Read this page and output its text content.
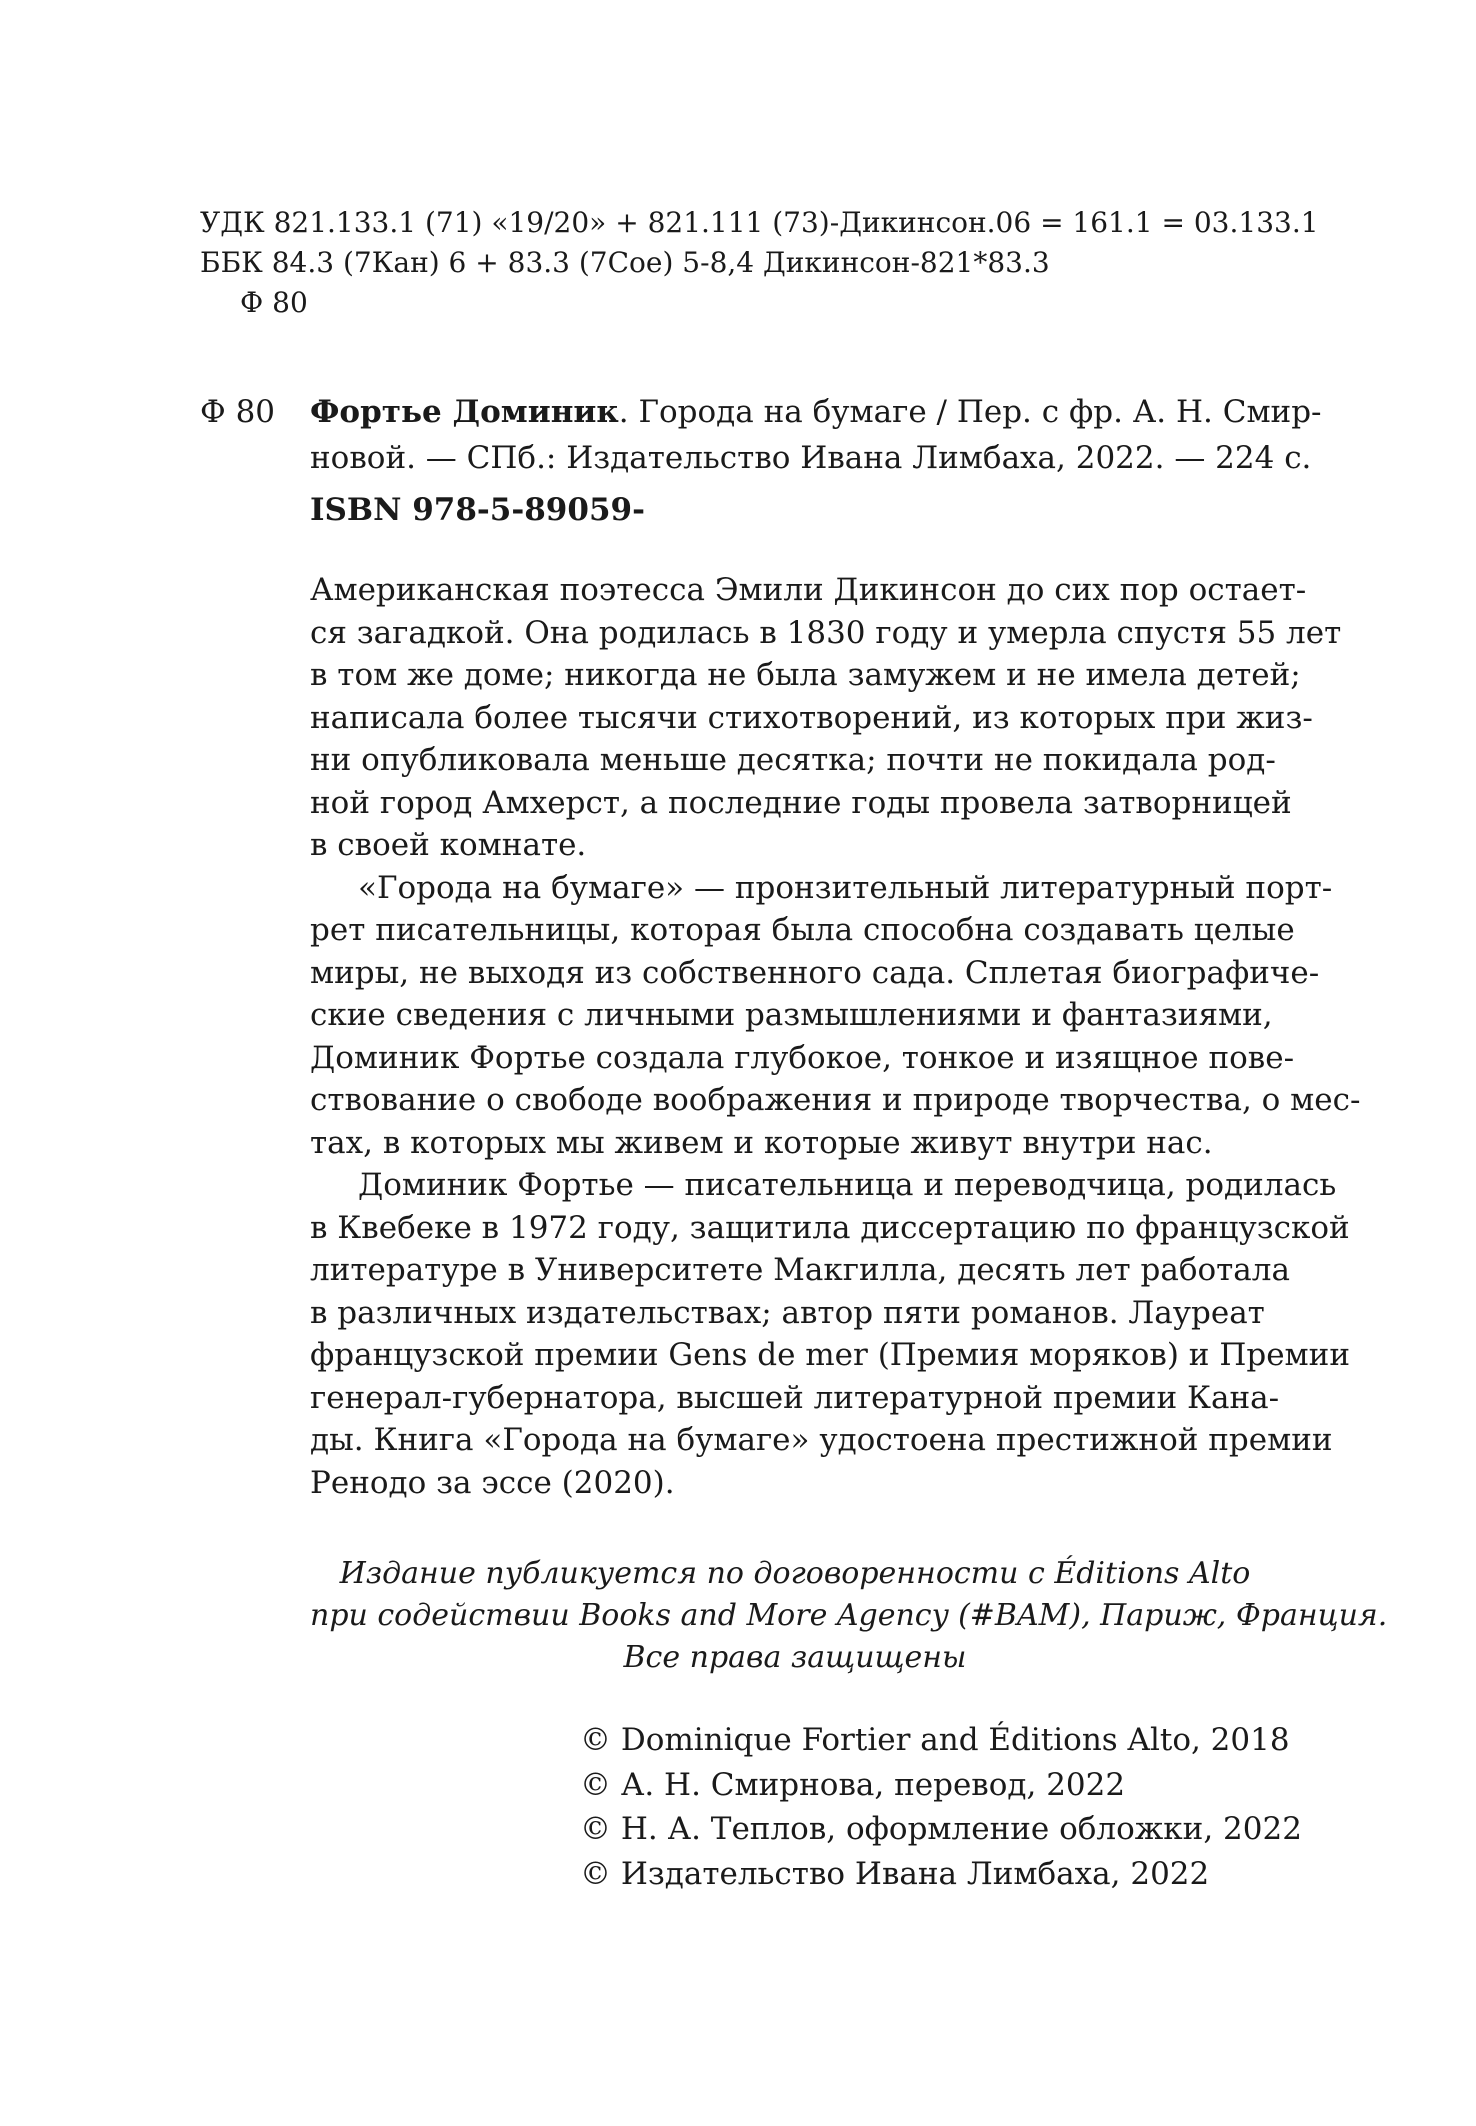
УДК 821.133.1 (71) «19/20» + 821.111 (73)-Дикинсон.06 = 161.1 = 03.133.1
ББК 84.3 (7Кан) 6 + 83.3 (7Сое) 5-8,4 Дикинсон-821*83.3
Ф 80
Ф 80 Фортье Доминик. Города на бумаге / Пер. с фр. А. Н. Смир-
новой. — СПб.: Издательство Ивана Лимбаха, 2022. — 224 с.
ISBN 978-5-89059-
Американская поэтесса Эмили Дикинсон до сих пор остает-
ся загадкой. Она родилась в 1830 году и умерла спустя 55 лет
в том же доме; никогда не была замужем и не имела детей;
написала более тысячи стихотворений, из которых при жиз-
ни опубликовала меньше десятка; почти не покидала род-
ной город Амхерст, а последние годы провела затворницей
в своей комнате.
«Города на бумаге» — пронзительный литературный порт-
рет писательницы, которая была способна создавать целые
миры, не выходя из собственного сада. Сплетая биографиче-
ские сведения с личными размышлениями и фантазиями,
Доминик Фортье создала глубокое, тонкое и изящное пове-
ствование о свободе воображения и природе творчества, о мес-
тах, в которых мы живем и которые живут внутри нас.
Доминик Фортье — писательница и переводчица, родилась
в Квебеке в 1972 году, защитила диссертацию по французской
литературе в Университете Макгилла, десять лет работала
в различных издательствах; автор пяти романов. Лауреат
французской премии Gens de mer (Премия моряков) и Премии
генерал-губернатора, высшей литературной премии Кана-
ды. Книга «Города на бумаге» удостоена престижной премии
Ренодо за эссе (2020).
Издание публикуется по договоренности с Éditions Alto
при содействии Books and More Agency (#BAM), Париж, Франция.
Все права защищены
© Dominique Fortier and Éditions Alto, 2018
© А. Н. Смирнова, перевод, 2022
© Н. А. Теплов, оформление обложки, 2022
© Издательство Ивана Лимбаха, 2022
